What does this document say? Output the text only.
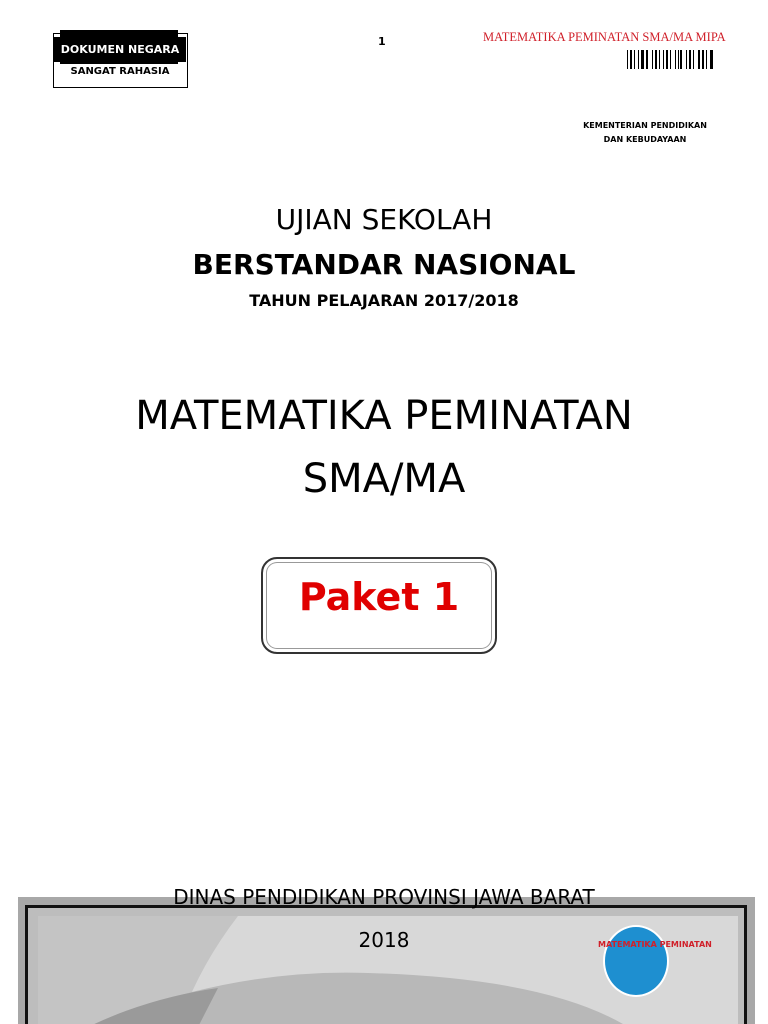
DOKUMEN NEGARA
SANGAT RAHASIA
1	MATEMATIKA PEMINATAN SMA/MA MIPA
KEMENTERIAN PENDIDIKAN
DAN KEBUDAYAAN
UJIAN SEKOLAH
BERSTANDAR NASIONAL
TAHUN PELAJARAN 2017/2018
MATEMATIKA PEMINATAN
SMA/MA
Paket 1
DINAS PENDIDIKAN PROVINSI JAWA BARAT
2018	MATEMATIKA PEMINATAN
